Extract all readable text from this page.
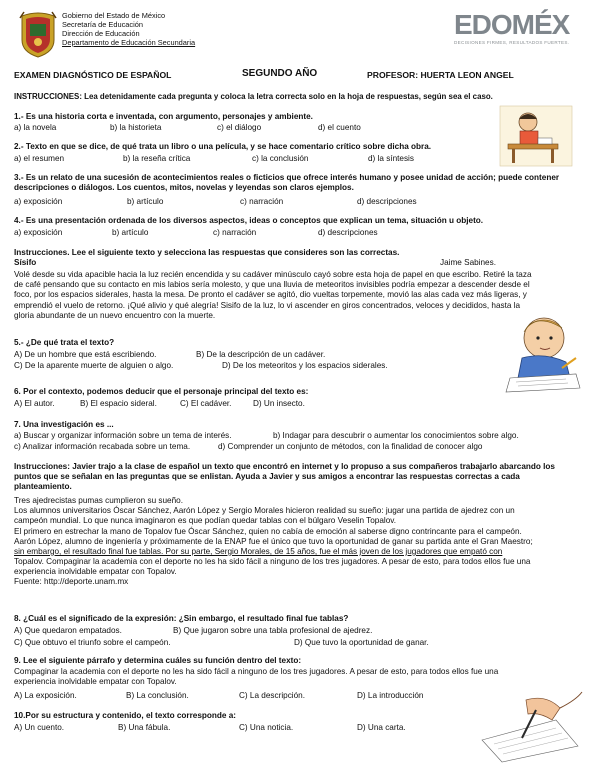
Gobierno del Estado de México
Secretaría de Educación
Dirección de Educación
Departamento de Educación Secundaria
EDOMÉX
DECISIONES FIRMES, RESULTADOS FUERTES.
EXAMEN DIAGNÓSTICO DE ESPAÑOL	SEGUNDO AÑO	PROFESOR: HUERTA LEON ANGEL
INSTRUCCIONES: Lea detenidamente cada pregunta y coloca la letra correcta solo en la hoja de respuestas, según sea el caso.
1.- Es una historia corta e inventada, con argumento, personajes y ambiente.
a) la novela	b) la historieta	c) el diálogo	d) el cuento
2.- Texto en que se dice, de qué trata un libro o una película, y se hace comentario crítico sobre dicha obra.
a) el resumen	b) la reseña crítica	c) la conclusión	d) la síntesis
3.- Es un relato de una sucesión de acontecimientos reales o ficticios que ofrece interés humano y posee unidad de acción; puede contener descripciones o diálogos. Los cuentos, mitos, novelas y leyendas son claros ejemplos.
a) exposición	b) artículo	c) narración	d) descripciones
4.- Es una presentación ordenada de los diversos aspectos, ideas o conceptos que explican un tema, situación u objeto.
a) exposición	b) artículo	c) narración	d) descripciones
Instrucciones. Lee el siguiente texto y selecciona las respuestas que consideres son las correctas.
Sísifo	Jaime Sabines.
Volé desde su vida apacible hacia la luz recién encendida y su cadáver minúsculo cayó sobre esta hoja de papel en que escribo. Retiré la taza
de café pensando que su contacto en mis labios sería molesto, y que una lluvia de meteoritos invisibles podría empezar a descender desde el
foco, por los espacios siderales, hasta la mesa. De pronto el cadáver se agitó, dio vueltas torpemente, movió las alas cada vez más ligeras, y
emprendió el vuelo de retorno. ¡Qué alivio y qué alegría! Sisifo de la luz, lo vi ascender en giros concentrados, veloces y decididos, hasta la
gloria abundante de un nuevo encuentro con la muerte.
5.- ¿De qué trata el texto?
A) De un hombre que está escribiendo.	B) De la descripción de un cadáver.
C) De la aparente muerte de alguien o algo.	D) De los meteoritos y los espacios siderales.
6. Por el contexto, podemos deducir que el personaje principal del texto es:
A) El autor.	B) El espacio sideral.	C) El cadáver.	D) Un insecto.
7. Una investigación es ...
a) Buscar y organizar información sobre un tema de interés.	b) Indagar para descubrir o aumentar los conocimientos sobre algo.
c) Analizar información recabada sobre un tema.	d) Comprender un conjunto de métodos, con la finalidad de conocer algo
Instrucciones: Javier trajo a la clase de español un texto que encontró en internet y lo propuso a sus compañeros trabajarlo abarcando los
puntos que se señalan en las preguntas que se enlistan. Ayuda a Javier y sus amigos a encontrar las respuestas correctas a cada
planteamiento.
Tres ajedrecistas pumas cumplieron su sueño.
Los alumnos universitarios Óscar Sánchez, Aarón López y Sergio Morales hicieron realidad su sueño: jugar una partida de ajedrez con un
campeón mundial. Lo que nunca imaginaron es que podían quedar tablas con el búlgaro Veselin Topalov.
El primero en estrechar la mano de Topalov fue Óscar Sánchez, quien no cabía de emoción al saberse digno contrincante para el campeón.
Aarón López, alumno de ingeniería y próximamente de la ENAP fue el único que tuvo la oportunidad de ganar su partida ante el Gran Maestro;
sin embargo, el resultado final fue tablas. Por su parte, Sergio Morales, de 15 años, fue el más joven de los jugadores que empató con
Topalov. Compaginar la academia con el deporte no les ha sido fácil a ninguno de los tres jugadores. A pesar de esto, para todos ellos fue una
experiencia inolvidable empatar con Topalov.
Fuente: http://deporte.unam.mx
8. ¿Cuál es el significado de la expresión: ¿Sin embargo, el resultado final fue tablas?
A) Que quedaron empatados.	B) Que jugaron sobre una tabla profesional de ajedrez.
C) Que obtuvo el triunfo sobre el campeón.	D) Que tuvo la oportunidad de ganar.
9. Lee el siguiente párrafo y determina cuáles su función dentro del texto:
Compaginar la academia con el deporte no les ha sido fácil a ninguno de los tres jugadores. A pesar de esto, para todos ellos fue una
experiencia inolvidable empatar con Topalov.
A) La exposición.	B) La conclusión.	C) La descripción.	D) La introducción
10.Por su estructura y contenido, el texto corresponde a:
A) Un cuento.	B) Una fábula.	C) Una noticia.	D) Una carta.
